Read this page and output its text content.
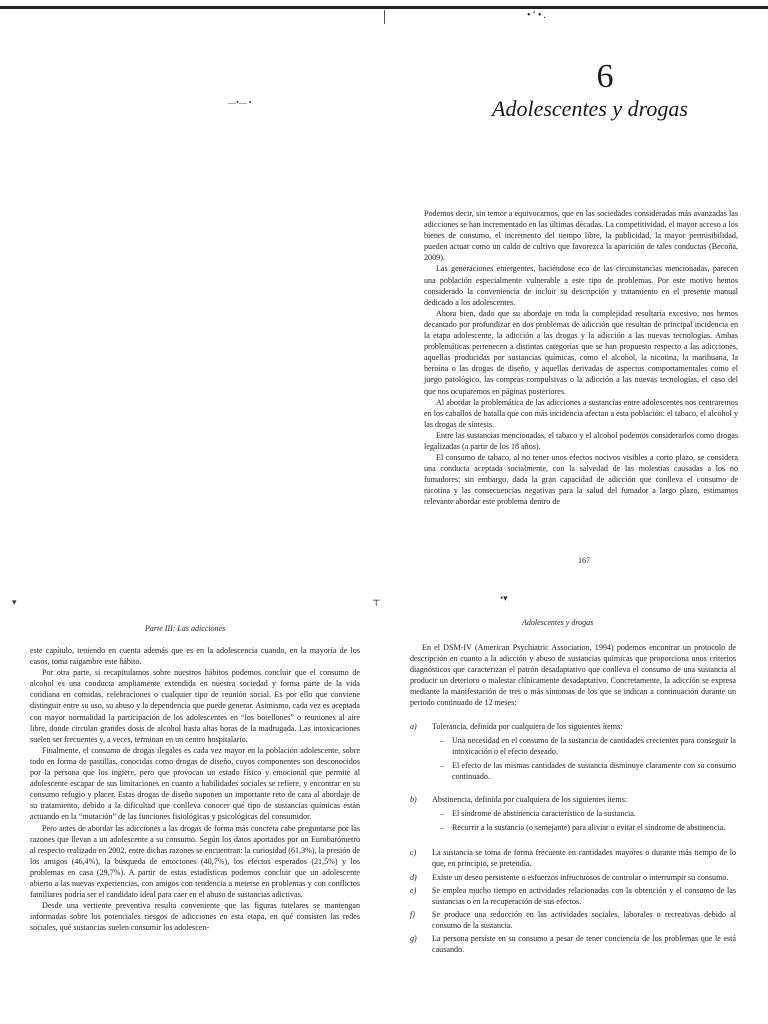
•‘•.
—•— •
▾	•▾
⊤
6
Adolescentes y drogas

Podemos decir, sin temor a equivocarnos, que en las sociedades consideradas más avanzadas las adicciones se han incrementado en las últimas décadas. La competitividad, el mayor acceso a los bienes de consumo, el incremento del tiempo libre, la publicidad, la mayor permisibilidad, pueden actuar como un caldo de cultivo que favorezca la aparición de tales conductas (Becoña, 2009).

Las generaciones emergentes, haciéndose eco de las circunstancias mencionadas, parecen una población especialmente vulnerable a este tipo de problemas. Por este motivo hemos considerado la conveniencia de incluir su descripción y tratamiento en el presente manual dedicado a los adolescentes.

Ahora bien, dado que su abordaje en toda la complejidad resultaría excesivo, nos hemos decantado por profundizar en dos problemas de adicción que resultan de principal incidencia en la etapa adolescente, la adicción a las drogas y la adicción a las nuevas tecnologías. Ambas problemáticas pertenecen a distintas categorías que se han propuesto respecto a las adicciones, aquellas producidas por sustancias químicas, como el alcohol, la nicotina, la marihuana, la heroína o las drogas de diseño, y aquellas derivadas de aspectos comportamentales como el juego patológico, las compras compulsivas o la adicción a las nuevas tecnologías, el caso del que nos ocuparemos en páginas posteriores.

Al abordar la problemática de las adicciones a sustancias entre adolescentes nos centraremos en los caballos de batalla que con más incidencia afectan a esta población: el tabaco, el alcohol y las drogas de síntesis.

Entre las sustancias mencionadas, el tabaco y el alcohol podemos considerarlos como drogas legalizadas (a partir de los 18 años).

El consumo de tabaco, al no tener unos efectos nocivos visibles a corto plazo, se considera una conducta aceptada socialmente, con la salvedad de las molestias causadas a los no fumadores; sin embargo, dada la gran capacidad de adicción que conlleva el consumo de nicotina y las consecuencias negativas para la salud del fumador a largo plazo, estimamos relevante abordar este problema dentro de

167
Parte III: Las adicciones
Adolescentes y drogas

este capítulo, teniendo en cuenta además que es en la adolescencia cuando, en la mayoría de los casos, toma raigambre este hábito.

Por otra parte, si recapitulamos sobre nuestros hábitos podemos concluir que el consumo de alcohol es una conducta ampliamente extendida en nuestra sociedad y forma parte de la vida cotidiana en comidas, celebraciones o cualquier tipo de reunión social. Es por ello que conviene distinguir entre su uso, su abuso y la dependencia que puede generar. Asimismo, cada vez es aceptada con mayor normalidad la participación de los adolescentes en “los botellones” o reuniones al aire libre, donde circulan grandes dosis de alcohol hasta altas horas de la madrugada. Las intoxicaciones suelen ser frecuentes y, a veces, terminan en un centro hospitalario.

Finalmente, el consumo de drogas ilegales es cada vez mayor en la población adolescente, sobre todo en forma de pastillas, conocidas como drogas de diseño, cuyos componentes son desconocidos por la persona que los ingiere, pero que provocan un estado físico y emocional que permite al adolescente escapar de sus limitaciones en cuanto a habilidades sociales se refiere, y encontrar en su consumo refugio y placer. Estas drogas de diseño suponen un importante reto de cara al abordaje de su tratamiento, debido a la dificultad que conlleva conocer qué tipo de sustancias químicas están actuando en la “mutación” de las funciones fisiológicas y psicológicas del consumidor.

Pero antes de abordar las adicciones a las drogas de forma más concreta cabe preguntarse por las razones que llevan a un adolescente a su consumo. Según los datos aportados por un Eurobarómetro al respecto realizado en 2002, entre dichas razones se encuentran: la curiosidad (61,3%), la presión de los amigos (46,4%), la búsqueda de emociones (40,7%), los efectos esperados (21,5%) y los problemas en casa (29,7%). A partir de estas estadísticas podemos concluir que un adolescente abierto a las nuevas experiencias, con amigos con tendencia a meterse en problemas y con conflictos familiares podría ser el candidato ideal para caer en el abuso de sustancias adictivas.

Desde una vertiente preventiva resulta conveniente que las figuras tutelares se mantengan informadas sobre los potenciales riesgos de adicciones en esta etapa, en qué consisten las redes sociales, qué sustancias suelen consumir los adolescen-

En el DSM-IV (American Psychiatric Association, 1994) podemos encontrar un protocolo de descripción en cuanto a la adicción y abuso de sustancias químicas que proporciona unos criterios diagnósticos que caracterizan el patrón desadaptativo que conlleva el consumo de una sustancia al producir un deterioro o malestar clínicamente desadaptativo. Concretamente, la adicción se expresa mediante la manifestación de tres o más síntomas de los que se indican a continuación durante un periodo continuado de 12 meses:

a)	Tolerancia, definida por cualquiera de los siguientes ítems:
– Una necesidad en el consumo de la sustancia de cantidades crecientes para conseguir la intoxicación o el efecto deseado.
– El efecto de las mismas cantidades de sustancia disminuye claramente con su consumo continuado.
b)	Abstinencia, definida por cualquiera de los siguientes ítems:
– El síndrome de abstinencia característico de la sustancia.
– Recurrir a la sustancia (o semejante) para aliviar o evitar el síndrome de abstinencia.
c)	La sustancia se toma de forma frecuente en cantidades mayores o durante más tiempo de lo que, en principio, se pretendía.
d)	Existe un deseo persistente o esfuerzos infructuosos de controlar o interrumpir su consumo.
e)	Se emplea mucho tiempo en actividades relacionadas con la obtención y el consumo de las sustancias o en la recuperación de sus efectos.
f)	Se produce una reducción en las actividades sociales, laborales o recreativas debido al consumo de la sustancia.
g)	La persona persiste en su consumo a pesar de tener conciencia de los problemas que le está causando.
